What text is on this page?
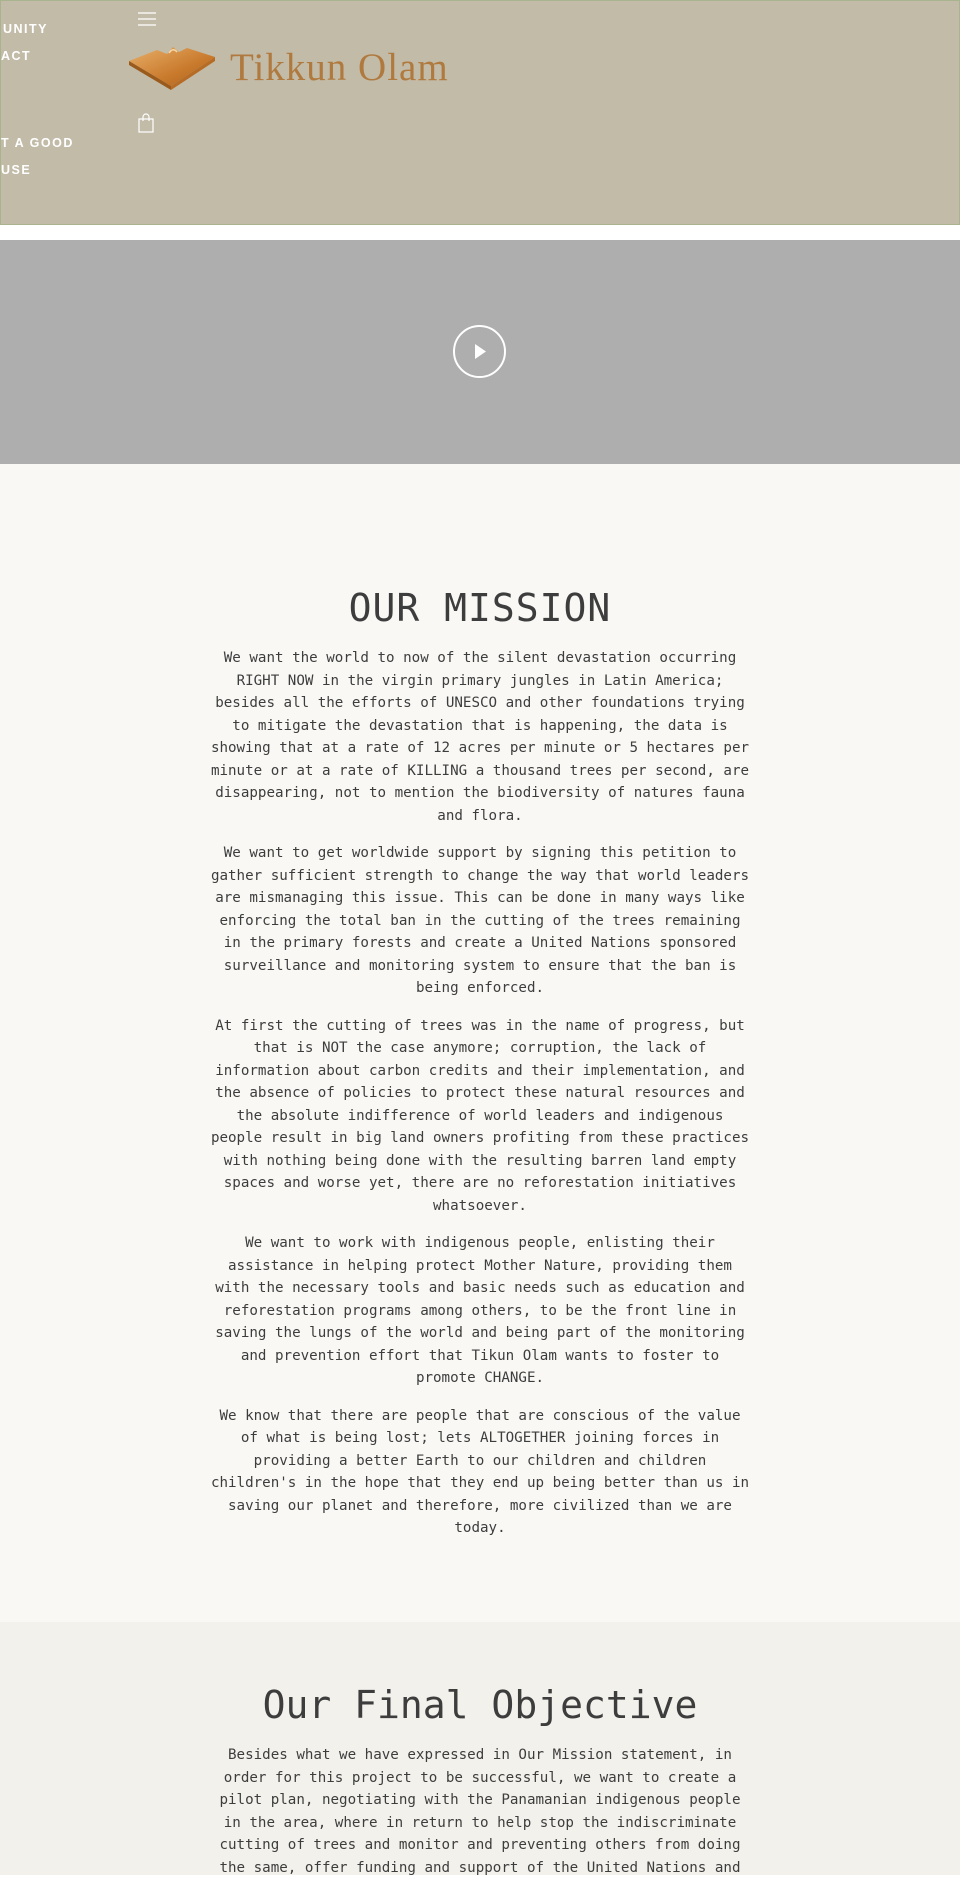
UNITY
ACT
T A GOOD
USE
Tikkun Olam
OUR MISSION

We want the world to now of the silent devastation occurring RIGHT NOW in the virgin primary jungles in Latin America; besides all the efforts of UNESCO and other foundations trying to mitigate the devastation that is happening, the data is showing that at a rate of 12 acres per minute or 5 hectares per minute or at a rate of KILLING a thousand trees per second, are disappearing, not to mention the biodiversity of natures fauna and flora.

We want to get worldwide support by signing this petition to gather sufficient strength to change the way that world leaders are mismanaging this issue. This can be done in many ways like enforcing the total ban in the cutting of the trees remaining in the primary forests and create a United Nations sponsored surveillance and monitoring system to ensure that the ban is being enforced.

At first the cutting of trees was in the name of progress, but that is NOT the case anymore; corruption, the lack of information about carbon credits and their implementation, and the absence of policies to protect these natural resources and the absolute indifference of world leaders and indigenous people result in big land owners profiting from these practices with nothing being done with the resulting barren land empty spaces and worse yet, there are no reforestation initiatives whatsoever.

We want to work with indigenous people, enlisting their assistance in helping protect Mother Nature, providing them with the necessary tools and basic needs such as education and reforestation programs among others, to be the front line in saving the lungs of the world and being part of the monitoring and prevention effort that Tikun Olam wants to foster to promote CHANGE.

We know that there are people that are conscious of the value of what is being lost; lets ALTOGETHER joining forces in providing a better Earth to our children and children children's in the hope that they end up being better than us in saving our planet and therefore, more civilized than we are today.

Our Final Objective

Besides what we have expressed in Our Mission statement, in order for this project to be successful, we want to create a pilot plan, negotiating with the Panamanian indigenous people in the area, where in return to help stop the indiscriminate cutting of trees and monitor and preventing others from doing the same, offer funding and support of the United Nations and
